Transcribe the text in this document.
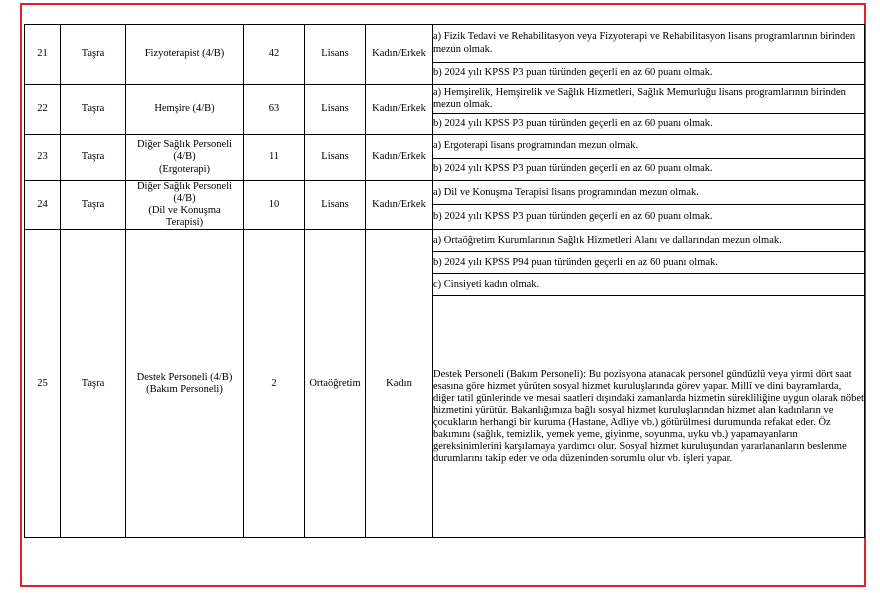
21	Taşra	Fizyoterapist (4/B)	42	Lisans	Kadın/Erkek	a) Fizik Tedavi ve Rehabilitasyon veya Fizyoterapi ve Rehabilitasyon lisans programlarının birinden mezun olmak.
						b) 2024 yılı KPSS P3 puan türünden geçerli en az 60 puanı olmak.
22	Taşra	Hemşire (4/B)	63	Lisans	Kadın/Erkek	a) Hemşirelik, Hemşirelik ve Sağlık Hizmetleri, Sağlık Memurluğu lisans programlarının birinden mezun olmak.
						b) 2024 yılı KPSS P3 puan türünden geçerli en az 60 puanı olmak.
23	Taşra	Diğer Sağlık Personeli
(4/B)
(Ergoterapi)	11	Lisans	Kadın/Erkek	a) Ergoterapi lisans programından mezun olmak.
						b) 2024 yılı KPSS P3 puan türünden geçerli en az 60 puanı olmak.
24	Taşra	Diğer Sağlık Personeli
(4/B)
(Dil ve Konuşma
Terapisi)	10	Lisans	Kadın/Erkek	a) Dil ve Konuşma Terapisi lisans programından mezun olmak.
						b) 2024 yılı KPSS P3 puan türünden geçerli en az 60 puanı olmak.
25	Taşra	Destek Personeli (4/B)
(Bakım Personeli)	2	Ortaöğretim	Kadın	a) Ortaöğretim Kurumlarının Sağlık Hizmetleri Alanı ve dallarından mezun olmak.
						b) 2024 yılı KPSS P94 puan türünden geçerli en az 60 puanı olmak.
						c) Cinsiyeti kadın olmak.
						Destek Personeli (Bakım Personeli): Bu pozisyona atanacak personel gündüzlü veya yirmi dört saat esasına göre hizmet yürüten sosyal hizmet kuruluşlarında görev yapar. Millî ve dini bayramlarda, diğer tatil günlerinde ve mesai saatleri dışındaki zamanlarda hizmetin sürekliliğine uygun olarak nöbet hizmetini yürütür. Bakanlığımıza bağlı sosyal hizmet kuruluşlarından hizmet alan kadınların ve çocukların herhangi bir kuruma (Hastane, Adliye vb.) götürülmesi durumunda refakat eder. Öz bakımını (sağlık, temizlik, yemek yeme, giyinme, soyunma, uyku vb.) yapamayanların gereksinimlerini karşılamaya yardımcı olur. Sosyal hizmet kuruluşundan yararlananların beslenme durumlarını takip eder ve oda düzeninden sorumlu olur vb. işleri yapar.
